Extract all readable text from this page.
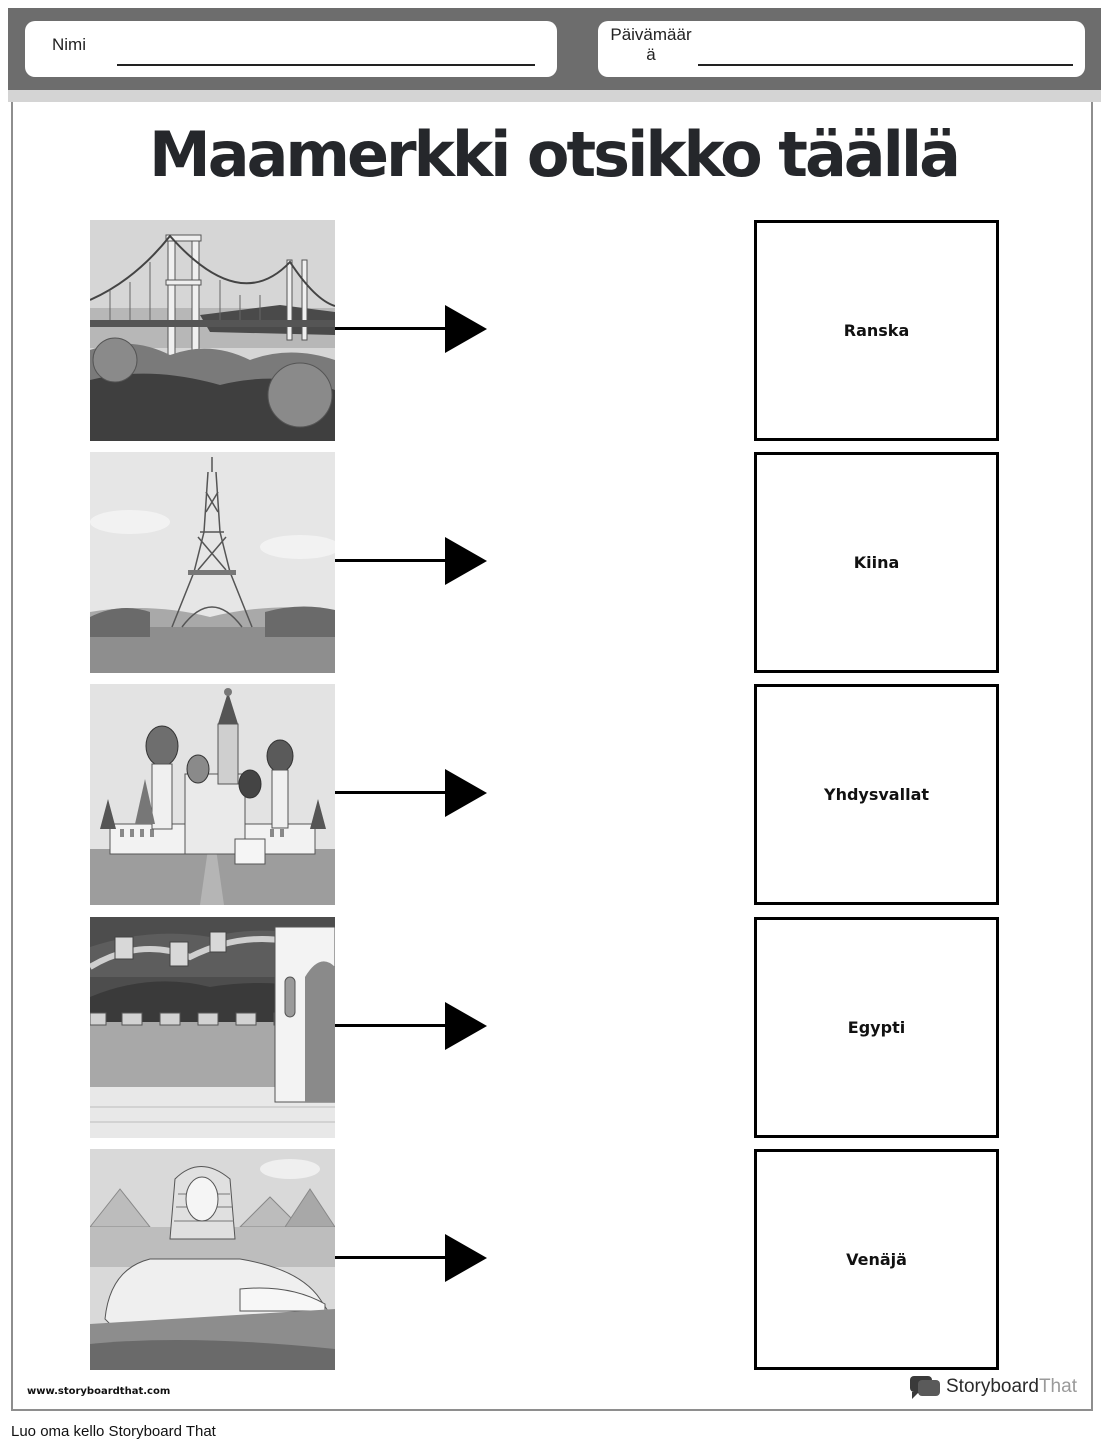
Nimi
Päivämäär ä
Maamerkki otsikko täällä
Ranska
Kiina
Yhdysvallat
Egypti
Venäjä
www.storyboardthat.com	StoryboardThat
Luo oma kello Storyboard That
